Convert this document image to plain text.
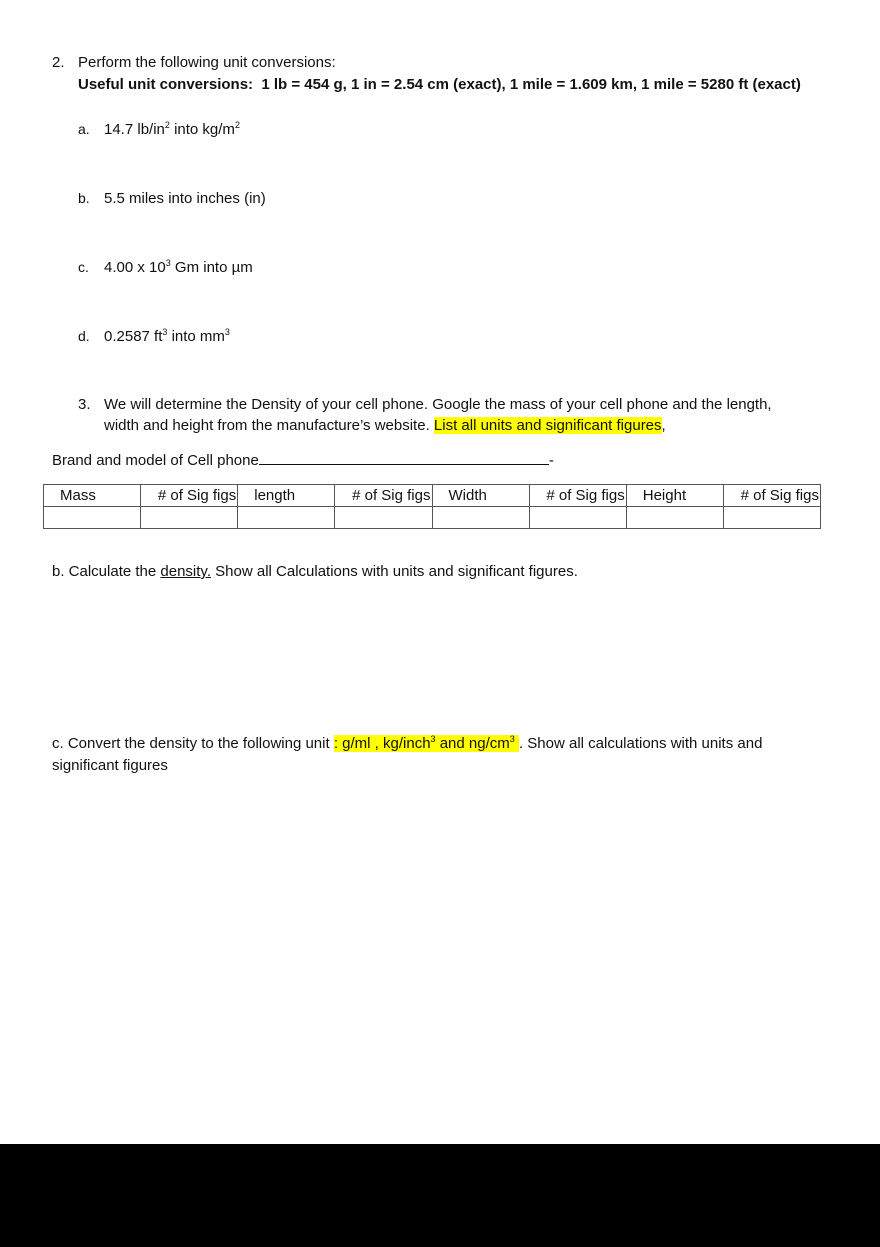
2. Perform the following unit conversions:
Useful unit conversions: 1 lb = 454 g, 1 in = 2.54 cm (exact), 1 mile = 1.609 km, 1 mile = 5280 ft (exact)
a. 14.7 $lb/in^2$ into $kg/m^2$
b. 5.5 miles into inches (in)
c. 4.00 x $10^3$ Gm into µm
d. 0.2587 $ft^3$ into $mm^3$
3. We will determine the Density of your cell phone. Google the mass of your cell phone and the length,
width and height from the manufacture’s website. List all units and significant figures,
Brand and model of Cell phone	-
Mass	# of Sig figs	length	# of Sig figs	Width	# of Sig figs	Height	# of Sig figs

b. Calculate the density. Show all Calculations with units and significant figures.
c. Convert the density to the following unit : g/ml , kg/inch$^3$ and $ng/cm^3$ . Show all calculations with units and
significant figures
